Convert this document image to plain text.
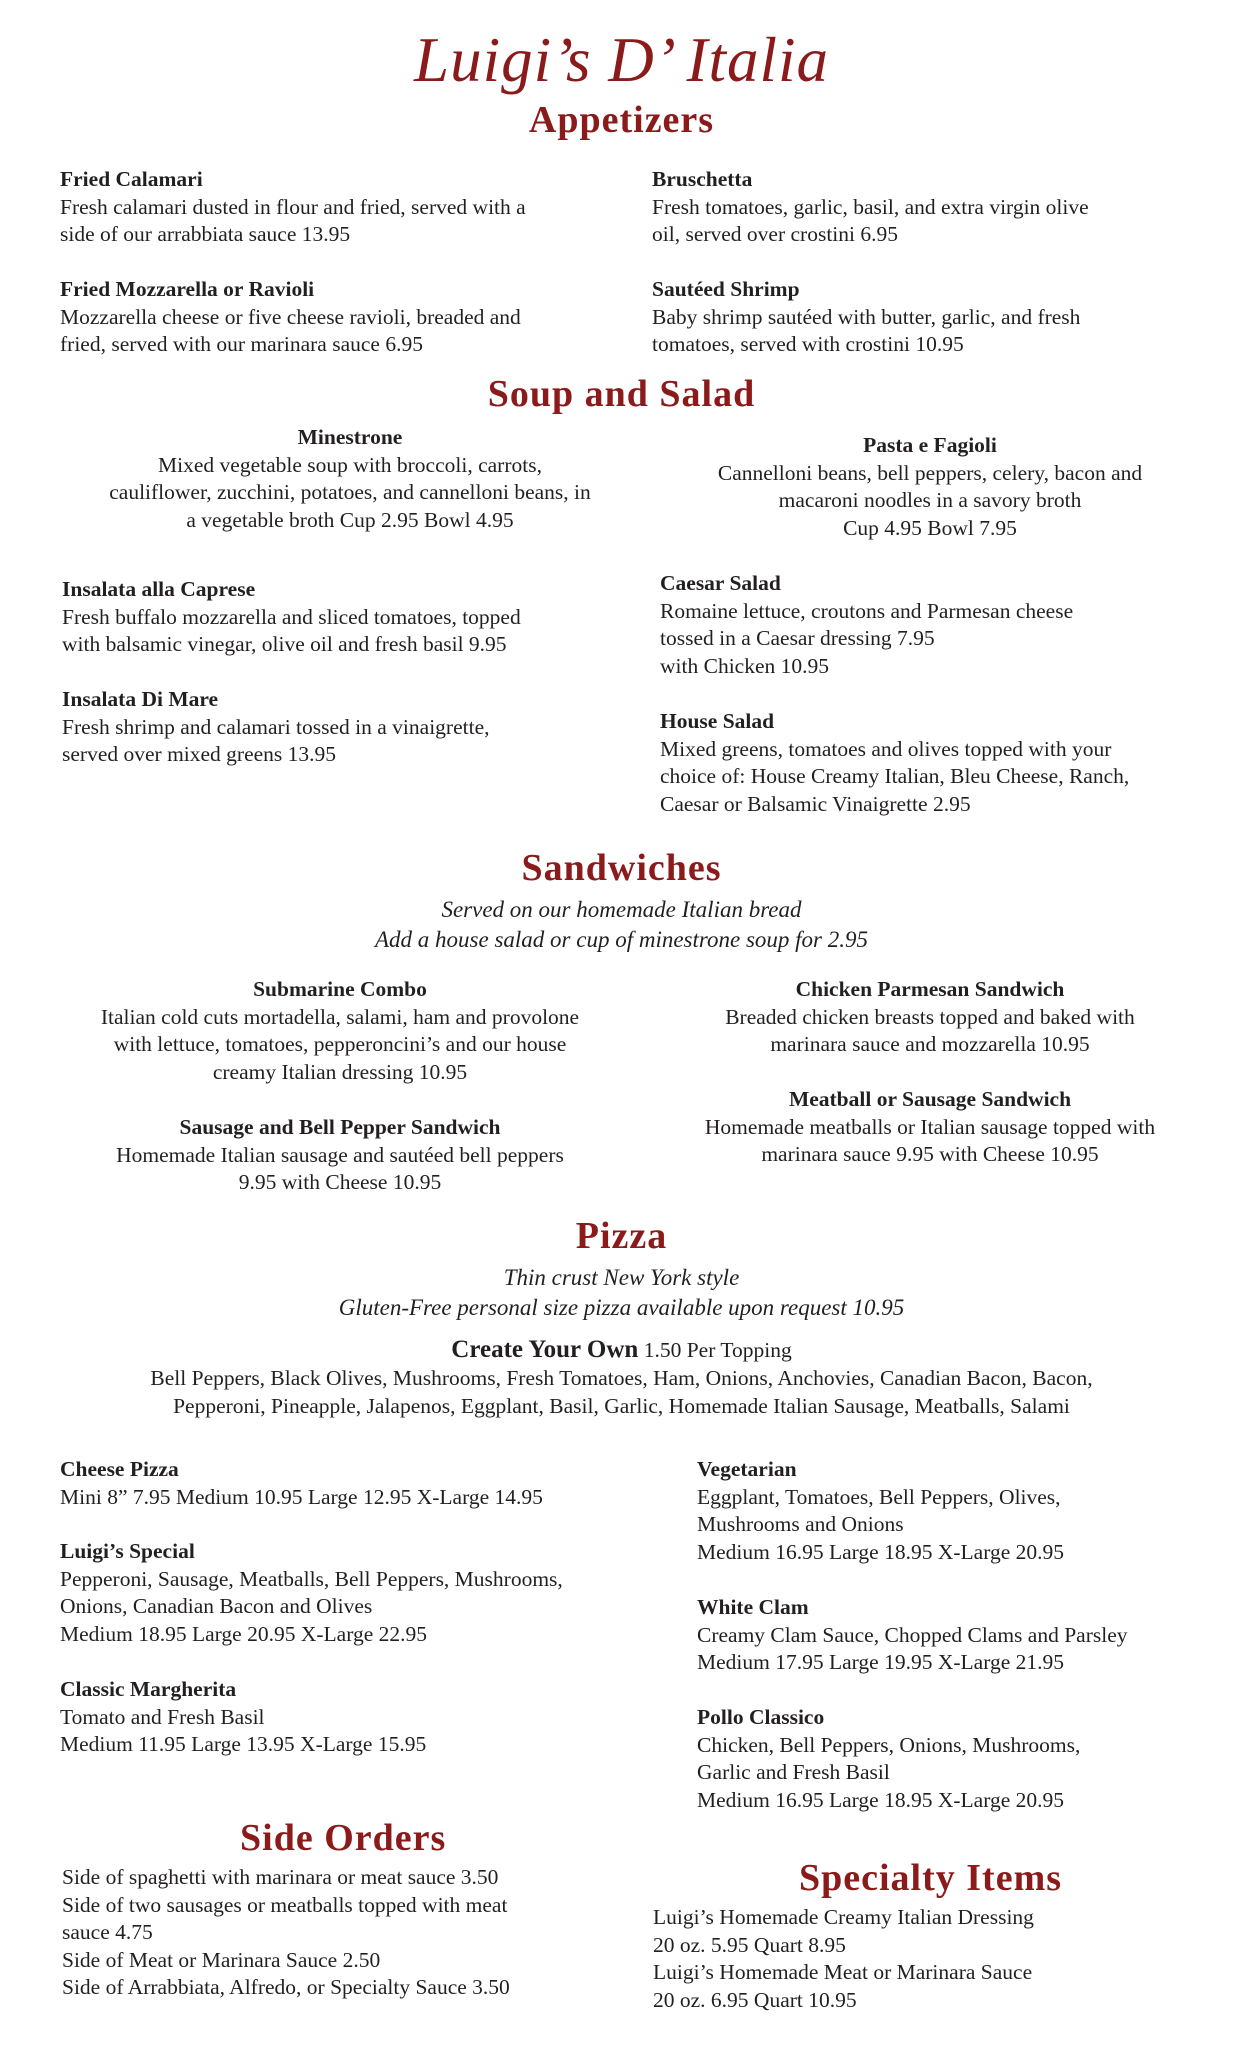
Luigi’s D’ Italia
Appetizers
Fried Calamari
Fresh calamari dusted in flour and fried, served with a
side of our arrabbiata sauce 13.95
Bruschetta
Fresh tomatoes, garlic, basil, and extra virgin olive
oil, served over crostini 6.95
Fried Mozzarella or Ravioli
Mozzarella cheese or five cheese ravioli, breaded and
fried, served with our marinara sauce 6.95
Sautéed Shrimp
Baby shrimp sautéed with butter, garlic, and fresh
tomatoes, served with crostini 10.95
Soup and Salad
Minestrone
Mixed vegetable soup with broccoli, carrots,
cauliflower, zucchini, potatoes, and cannelloni beans, in
a vegetable broth Cup 2.95 Bowl 4.95
Pasta e Fagioli
Cannelloni beans, bell peppers, celery, bacon and
macaroni noodles in a savory broth
Cup 4.95 Bowl 7.95
Insalata alla Caprese
Fresh buffalo mozzarella and sliced tomatoes, topped
with balsamic vinegar, olive oil and fresh basil 9.95
Caesar Salad
Romaine lettuce, croutons and Parmesan cheese
tossed in a Caesar dressing 7.95
with Chicken 10.95
Insalata Di Mare
Fresh shrimp and calamari tossed in a vinaigrette,
served over mixed greens 13.95
House Salad
Mixed greens, tomatoes and olives topped with your
choice of: House Creamy Italian, Bleu Cheese, Ranch,
Caesar or Balsamic Vinaigrette 2.95
Sandwiches
Served on our homemade Italian bread
Add a house salad or cup of minestrone soup for 2.95
Submarine Combo
Italian cold cuts mortadella, salami, ham and provolone
with lettuce, tomatoes, pepperoncini’s and our house
creamy Italian dressing 10.95
Chicken Parmesan Sandwich
Breaded chicken breasts topped and baked with
marinara sauce and mozzarella 10.95
Sausage and Bell Pepper Sandwich
Homemade Italian sausage and sautéed bell peppers
9.95 with Cheese 10.95
Meatball or Sausage Sandwich
Homemade meatballs or Italian sausage topped with
marinara sauce 9.95 with Cheese 10.95
Pizza
Thin crust New York style
Gluten-Free personal size pizza available upon request 10.95
Create Your Own 1.50 Per Topping
Bell Peppers, Black Olives, Mushrooms, Fresh Tomatoes, Ham, Onions, Anchovies, Canadian Bacon, Bacon,
Pepperoni, Pineapple, Jalapenos, Eggplant, Basil, Garlic, Homemade Italian Sausage, Meatballs, Salami
Cheese Pizza
Mini 8” 7.95 Medium 10.95 Large 12.95 X-Large 14.95
Vegetarian
Eggplant, Tomatoes, Bell Peppers, Olives,
Mushrooms and Onions
Medium 16.95 Large 18.95 X-Large 20.95
Luigi’s Special
Pepperoni, Sausage, Meatballs, Bell Peppers, Mushrooms,
Onions, Canadian Bacon and Olives
Medium 18.95 Large 20.95 X-Large 22.95
White Clam
Creamy Clam Sauce, Chopped Clams and Parsley
Medium 17.95 Large 19.95 X-Large 21.95
Classic Margherita
Tomato and Fresh Basil
Medium 11.95 Large 13.95 X-Large 15.95
Pollo Classico
Chicken, Bell Peppers, Onions, Mushrooms,
Garlic and Fresh Basil
Medium 16.95 Large 18.95 X-Large 20.95
Side Orders
Side of spaghetti with marinara or meat sauce 3.50
Side of two sausages or meatballs topped with meat
sauce 4.75
Side of Meat or Marinara Sauce 2.50
Side of Arrabbiata, Alfredo, or Specialty Sauce 3.50
Specialty Items
Luigi’s Homemade Creamy Italian Dressing
20 oz. 5.95 Quart 8.95
Luigi’s Homemade Meat or Marinara Sauce
20 oz. 6.95 Quart 10.95
